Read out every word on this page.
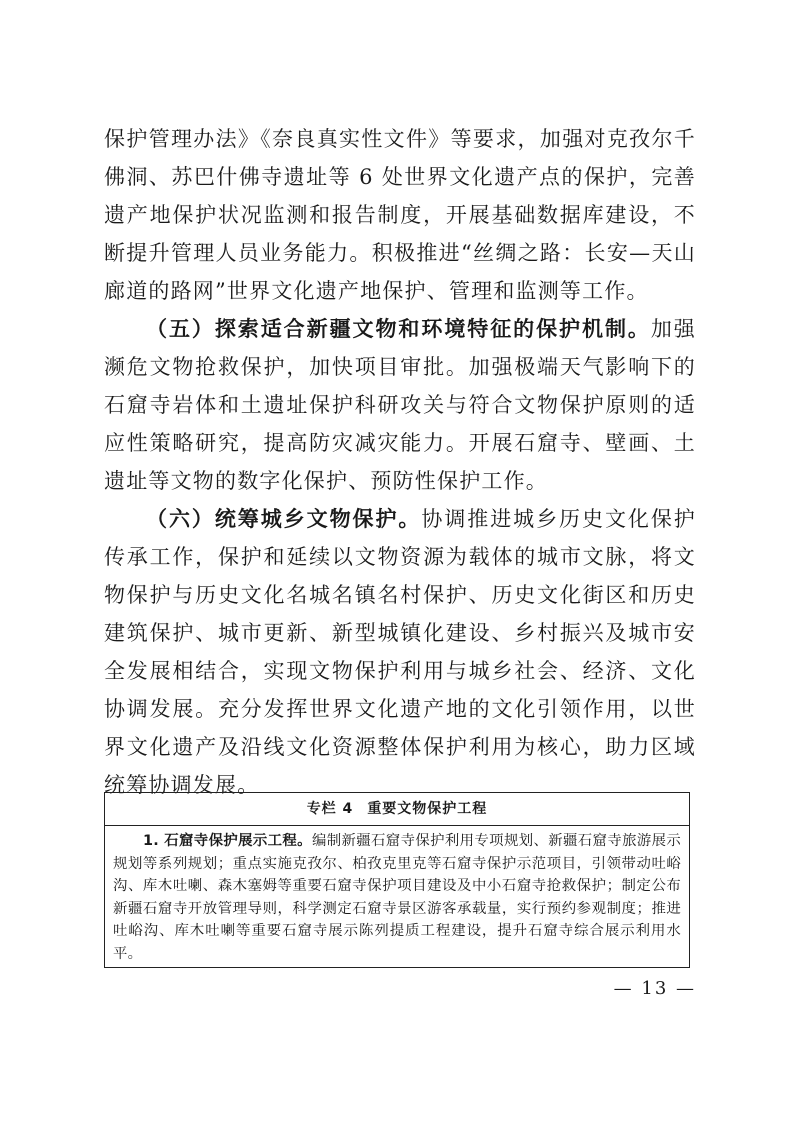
保护管理办法》《奈良真实性文件》等要求，加强对克孜尔千佛洞、苏巴什佛寺遗址等 6 处世界文化遗产点的保护，完善遗产地保护状况监测和报告制度，开展基础数据库建设，不断提升管理人员业务能力。积极推进“丝绸之路：长安—天山廊道的路网”世界文化遗产地保护、管理和监测等工作。

（五）探索适合新疆文物和环境特征的保护机制。加强濒危文物抢救保护，加快项目审批。加强极端天气影响下的石窟寺岩体和土遗址保护科研攻关与符合文物保护原则的适应性策略研究，提高防灾减灾能力。开展石窟寺、壁画、土遗址等文物的数字化保护、预防性保护工作。

（六）统筹城乡文物保护。协调推进城乡历史文化保护传承工作，保护和延续以文物资源为载体的城市文脉，将文物保护与历史文化名城名镇名村保护、历史文化街区和历史建筑保护、城市更新、新型城镇化建设、乡村振兴及城市安全发展相结合，实现文物保护利用与城乡社会、经济、文化协调发展。充分发挥世界文化遗产地的文化引领作用，以世界文化遗产及沿线文化资源整体保护利用为核心，助力区域统筹协调发展。

专栏 4 重要文物保护工程
1. 石窟寺保护展示工程。编制新疆石窟寺保护利用专项规划、新疆石窟寺旅游展示规划等系列规划；重点实施克孜尔、柏孜克里克等石窟寺保护示范项目，引领带动吐峪沟、库木吐喇、森木塞姆等重要石窟寺保护项目建设及中小石窟寺抢救保护；制定公布新疆石窟寺开放管理导则，科学测定石窟寺景区游客承载量，实行预约参观制度；推进吐峪沟、库木吐喇等重要石窟寺展示陈列提质工程建设，提升石窟寺综合展示利用水平。
— 13 —
